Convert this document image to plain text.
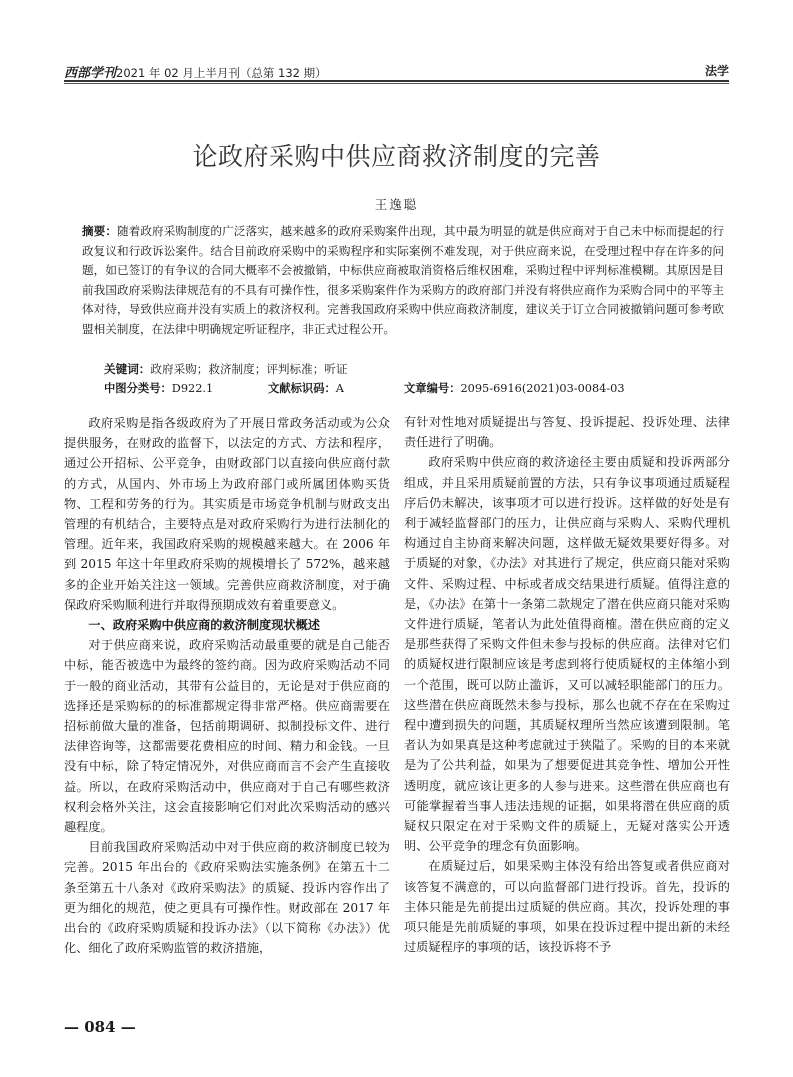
西部学刊2021 年 02 月上半月刊（总第 132 期）	法学
论政府采购中供应商救济制度的完善
王逸聪
摘要：随着政府采购制度的广泛落实，越来越多的政府采购案件出现，其中最为明显的就是供应商对于自己未中标而提起的行政复议和行政诉讼案件。结合目前政府采购中的采购程序和实际案例不难发现，对于供应商来说，在受理过程中存在许多的问题，如已签订的有争议的合同大概率不会被撤销，中标供应商被取消资格后维权困难，采购过程中评判标准模糊。其原因是目前我国政府采购法律规范有的不具有可操作性，很多采购案件作为采购方的政府部门并没有将供应商作为采购合同中的平等主体对待，导致供应商并没有实质上的救济权利。完善我国政府采购中供应商救济制度，建议关于订立合同被撤销问题可参考欧盟相关制度，在法律中明确规定听证程序，非正式过程公开。
关键词：政府采购；救济制度；评判标准；听证
中图分类号： D922.1	文献标识码： A	文章编号： 2095-6916(2021)03-0084-03

政府采购是指各级政府为了开展日常政务活动或为公众提供服务，在财政的监督下，以法定的方式、方法和程序，通过公开招标、公平竞争，由财政部门以直接向供应商付款的方式，从国内、外市场上为政府部门或所属团体购买货物、工程和劳务的行为。其实质是市场竞争机制与财政支出管理的有机结合，主要特点是对政府采购行为进行法制化的管理。近年来，我国政府采购的规模越来越大。在 2006 年到 2015 年这十年里政府采购的规模增长了 572%，越来越多的企业开始关注这一领域。完善供应商救济制度，对于确保政府采购顺利进行并取得预期成效有着重要意义。

一、政府采购中供应商的救济制度现状概述

对于供应商来说，政府采购活动最重要的就是自己能否中标，能否被选中为最终的签约商。因为政府采购活动不同于一般的商业活动，其带有公益目的，无论是对于供应商的选择还是采购标的的标准都规定得非常严格。供应商需要在招标前做大量的准备，包括前期调研、拟制投标文件、进行法律咨询等，这都需要花费相应的时间、精力和金钱。一旦没有中标，除了特定情况外，对供应商而言不会产生直接收益。所以，在政府采购活动中，供应商对于自己有哪些救济权利会格外关注，这会直接影响它们对此次采购活动的感兴趣程度。

目前我国政府采购活动中对于供应商的救济制度已较为完善。2015 年出台的《政府采购法实施条例》在第五十二条至第五十八条对《政府采购法》的质疑、投诉内容作出了更为细化的规范，使之更具有可操作性。财政部在 2017 年出台的《政府采购质疑和投诉办法》（以下简称《办法》）优化、细化了政府采购监管的救济措施，

有针对性地对质疑提出与答复、投诉提起、投诉处理、法律责任进行了明确。

政府采购中供应商的救济途径主要由质疑和投诉两部分组成，并且采用质疑前置的方法，只有争议事项通过质疑程序后仍未解决，该事项才可以进行投诉。这样做的好处是有利于减轻监督部门的压力，让供应商与采购人、采购代理机构通过自主协商来解决问题，这样做无疑效果要好得多。对于质疑的对象，《办法》对其进行了规定，供应商只能对采购文件、采购过程、中标或者成交结果进行质疑。值得注意的是，《办法》在第十一条第二款规定了潜在供应商只能对采购文件进行质疑，笔者认为此处值得商榷。潜在供应商的定义是那些获得了采购文件但未参与投标的供应商。法律对它们的质疑权进行限制应该是考虑到将行使质疑权的主体缩小到一个范围，既可以防止滥诉，又可以减轻职能部门的压力。这些潜在供应商既然未参与投标，那么也就不存在在采购过程中遭到损失的问题，其质疑权理所当然应该遭到限制。笔者认为如果真是这种考虑就过于狭隘了。采购的目的本来就是为了公共利益，如果为了想要促进其竞争性、增加公开性透明度，就应该让更多的人参与进来。这些潜在供应商也有可能掌握着当事人违法违规的证据，如果将潜在供应商的质疑权只限定在对于采购文件的质疑上，无疑对落实公开透明、公平竞争的理念有负面影响。

在质疑过后，如果采购主体没有给出答复或者供应商对该答复不满意的，可以向监督部门进行投诉。首先，投诉的主体只能是先前提出过质疑的供应商。其次，投诉处理的事项只能是先前质疑的事项，如果在投诉过程中提出新的未经过质疑程序的事项的话，该投诉将不予

— 084 —
